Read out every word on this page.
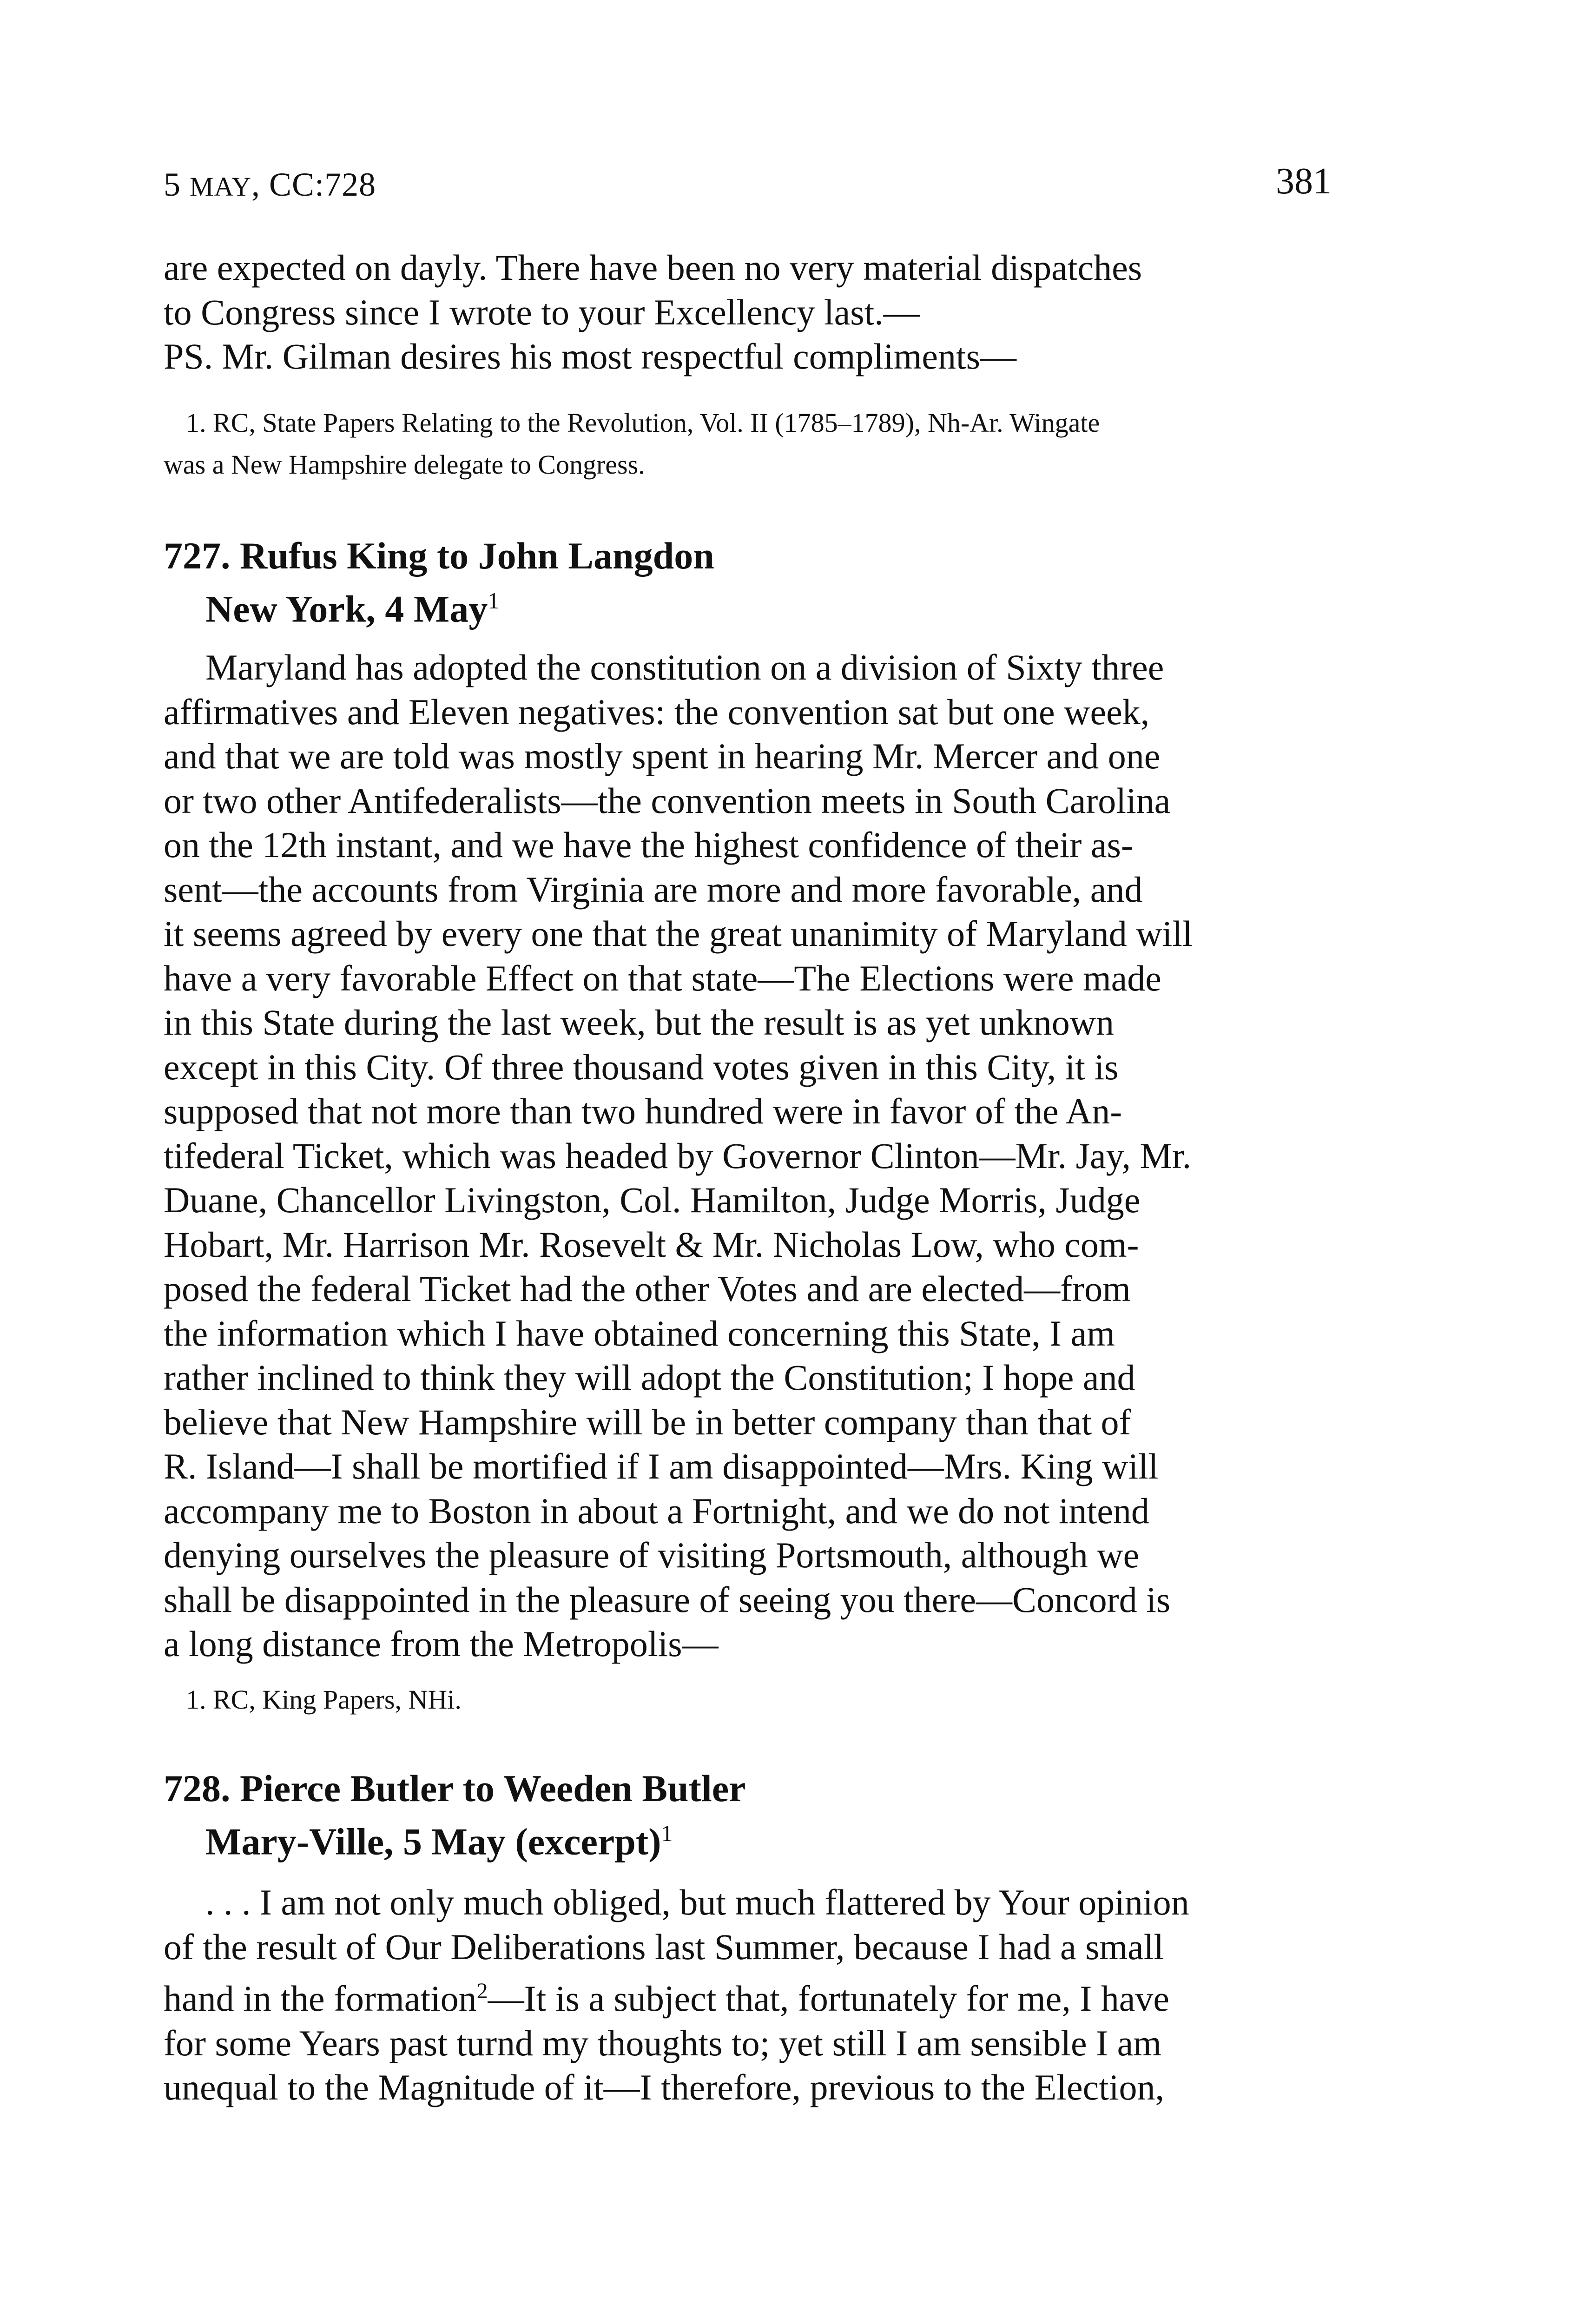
5 MAY, CC:728	381
are expected on dayly. There have been no very material dispatches
to Congress since I wrote to your Excellency last.—
PS. Mr. Gilman desires his most respectful compliments—
1. RC, State Papers Relating to the Revolution, Vol. II (1785–1789), Nh-Ar. Wingate
was a New Hampshire delegate to Congress.
727. Rufus King to John Langdon
New York, 4 May$^1$
Maryland has adopted the constitution on a division of Sixty three
affirmatives and Eleven negatives: the convention sat but one week,
and that we are told was mostly spent in hearing Mr. Mercer and one
or two other Antifederalists—the convention meets in South Carolina
on the 12th instant, and we have the highest confidence of their as-
sent—the accounts from Virginia are more and more favorable, and
it seems agreed by every one that the great unanimity of Maryland will
have a very favorable Effect on that state—The Elections were made
in this State during the last week, but the result is as yet unknown
except in this City. Of three thousand votes given in this City, it is
supposed that not more than two hundred were in favor of the An-
tifederal Ticket, which was headed by Governor Clinton—Mr. Jay, Mr.
Duane, Chancellor Livingston, Col. Hamilton, Judge Morris, Judge
Hobart, Mr. Harrison Mr. Rosevelt & Mr. Nicholas Low, who com-
posed the federal Ticket had the other Votes and are elected—from
the information which I have obtained concerning this State, I am
rather inclined to think they will adopt the Constitution; I hope and
believe that New Hampshire will be in better company than that of
R. Island—I shall be mortified if I am disappointed—Mrs. King will
accompany me to Boston in about a Fortnight, and we do not intend
denying ourselves the pleasure of visiting Portsmouth, although we
shall be disappointed in the pleasure of seeing you there—Concord is
a long distance from the Metropolis—
1. RC, King Papers, NHi.
728. Pierce Butler to Weeden Butler
Mary-Ville, 5 May (excerpt)$^1$
. . . I am not only much obliged, but much flattered by Your opinion
of the result of Our Deliberations last Summer, because I had a small
hand in the formation$^2$—It is a subject that, fortunately for me, I have
for some Years past turnd my thoughts to; yet still I am sensible I am
unequal to the Magnitude of it—I therefore, previous to the Election,
